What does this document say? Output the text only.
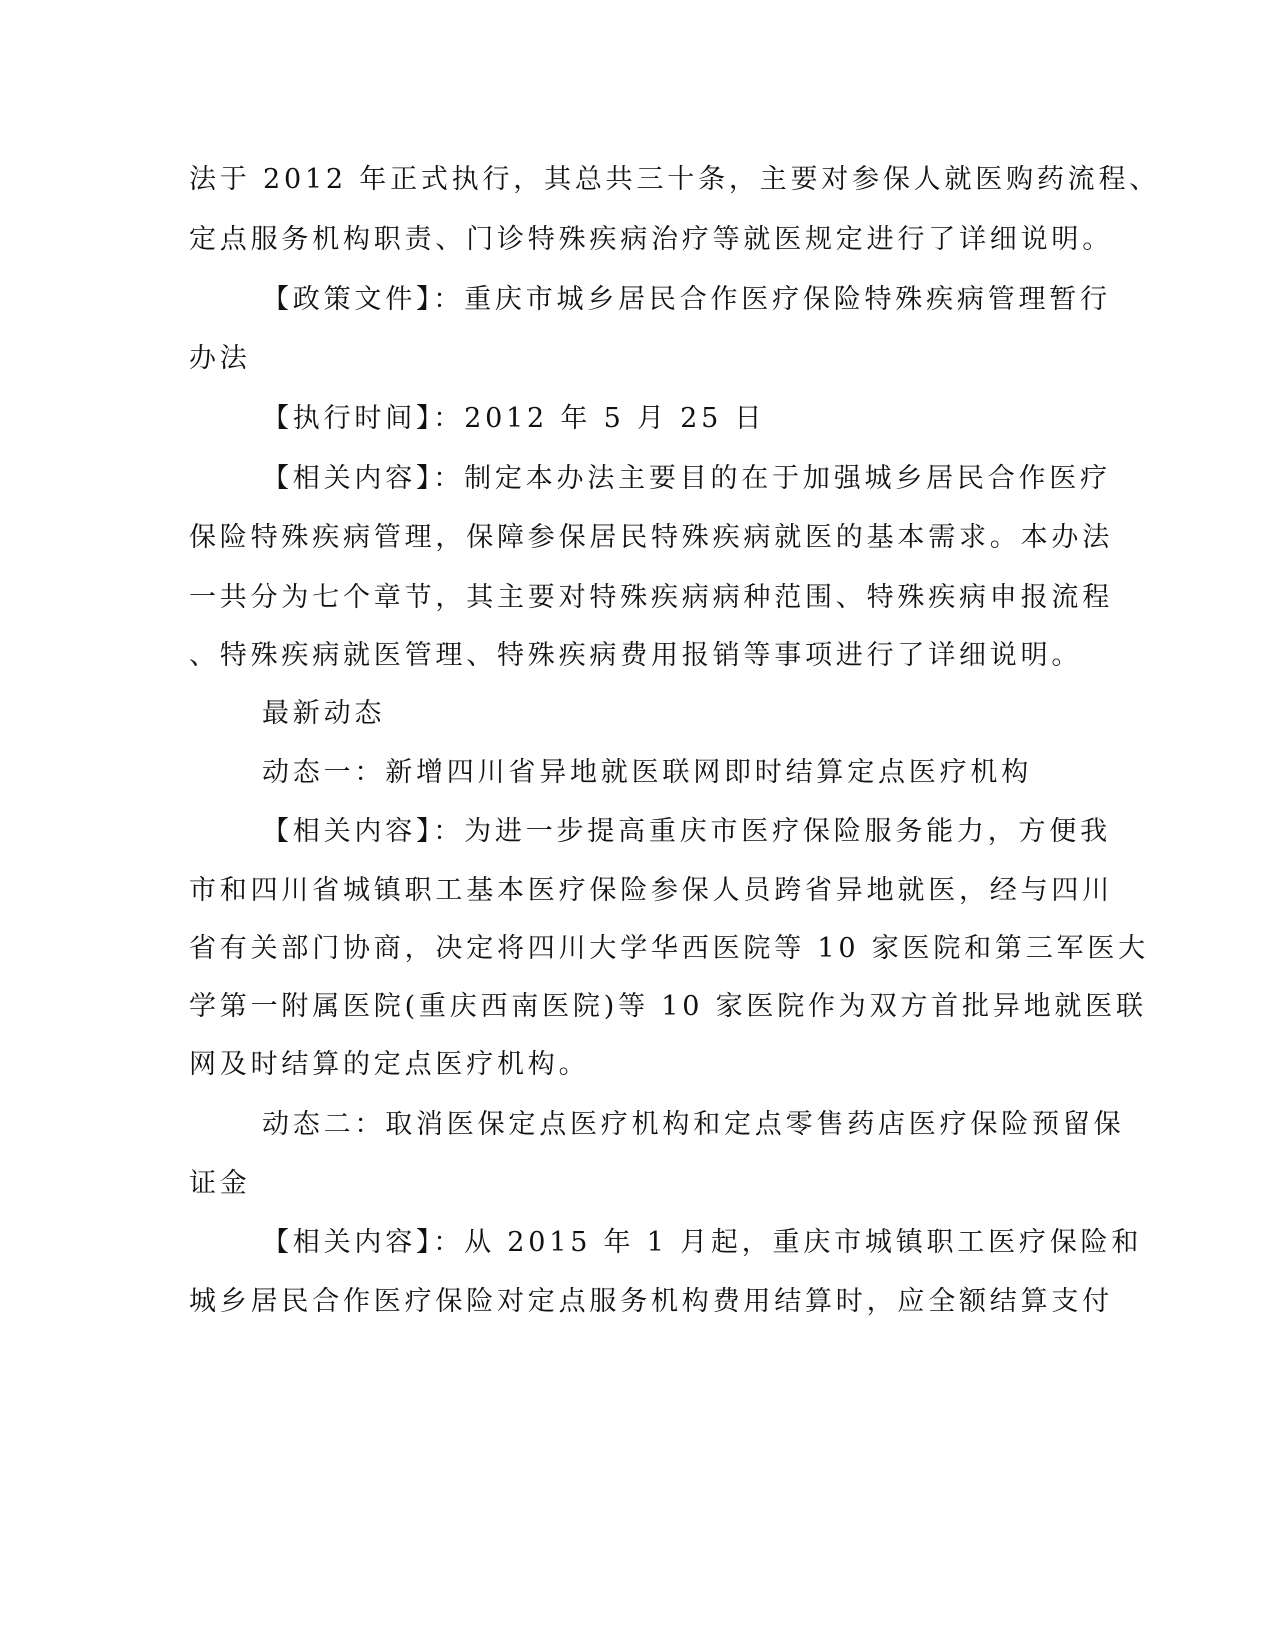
法于 2012 年正式执行，其总共三十条，主要对参保人就医购药流程、

定点服务机构职责、门诊特殊疾病治疗等就医规定进行了详细说明。

【政策文件】：重庆市城乡居民合作医疗保险特殊疾病管理暂行

办法

【执行时间】：2012 年 5 月 25 日

【相关内容】：制定本办法主要目的在于加强城乡居民合作医疗

保险特殊疾病管理，保障参保居民特殊疾病就医的基本需求。本办法

一共分为七个章节，其主要对特殊疾病病种范围、特殊疾病申报流程

、特殊疾病就医管理、特殊疾病费用报销等事项进行了详细说明。

最新动态

动态一：新增四川省异地就医联网即时结算定点医疗机构

【相关内容】：为进一步提高重庆市医疗保险服务能力，方便我

市和四川省城镇职工基本医疗保险参保人员跨省异地就医，经与四川

省有关部门协商，决定将四川大学华西医院等 10 家医院和第三军医大

学第一附属医院(重庆西南医院)等 10 家医院作为双方首批异地就医联

网及时结算的定点医疗机构。

动态二：取消医保定点医疗机构和定点零售药店医疗保险预留保

证金

【相关内容】：从 2015 年 1 月起，重庆市城镇职工医疗保险和

城乡居民合作医疗保险对定点服务机构费用结算时，应全额结算支付
